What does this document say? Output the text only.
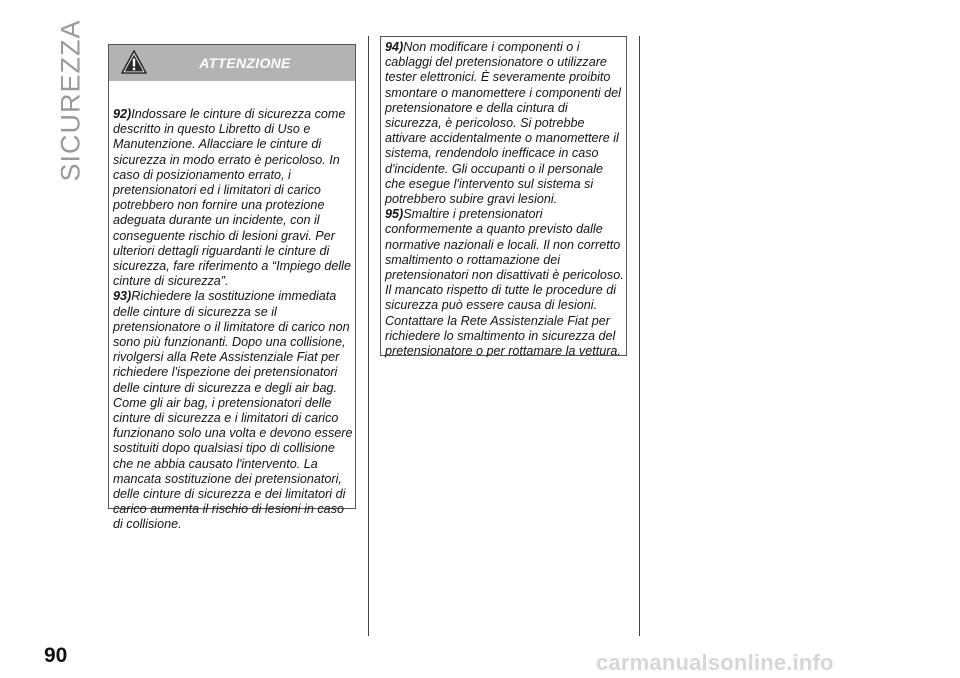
SICUREZZA	ATTENZIONE
92)Indossare le cinture di sicurezza come descritto in questo Libretto di Uso e Manutenzione. Allacciare le cinture di sicurezza in modo errato è pericoloso. In caso di posizionamento errato, i pretensionatori ed i limitatori di carico potrebbero non fornire una protezione adeguata durante un incidente, con il conseguente rischio di lesioni gravi. Per ulteriori dettagli riguardanti le cinture di sicurezza, fare riferimento a “Impiego delle cinture di sicurezza”.
93)Richiedere la sostituzione immediata delle cinture di sicurezza se il pretensionatore o il limitatore di carico non sono più funzionanti. Dopo una collisione, rivolgersi alla Rete Assistenziale Fiat per richiedere l'ispezione dei pretensionatori delle cinture di sicurezza e degli air bag. Come gli air bag, i pretensionatori delle cinture di sicurezza e i limitatori di carico funzionano solo una volta e devono essere sostituiti dopo qualsiasi tipo di collisione che ne abbia causato l'intervento. La mancata sostituzione dei pretensionatori, delle cinture di sicurezza e dei limitatori di carico aumenta il rischio di lesioni in caso di collisione.
94)Non modificare i componenti o i cablaggi del pretensionatore o utilizzare tester elettronici. È severamente proibito smontare o manomettere i componenti del pretensionatore e della cintura di sicurezza, è pericoloso. Si potrebbe attivare accidentalmente o manomettere il sistema, rendendolo inefficace in caso d'incidente. Gli occupanti o il personale che esegue l'intervento sul sistema si potrebbero subire gravi lesioni.
95)Smaltire i pretensionatori conformemente a quanto previsto dalle normative nazionali e locali. Il non corretto smaltimento o rottamazione dei pretensionatori non disattivati è pericoloso. Il mancato rispetto di tutte le procedure di sicurezza può essere causa di lesioni. Contattare la Rete Assistenziale Fiat per richiedere lo smaltimento in sicurezza del pretensionatore o per rottamare la vettura.
90	carmanualsonline.info
